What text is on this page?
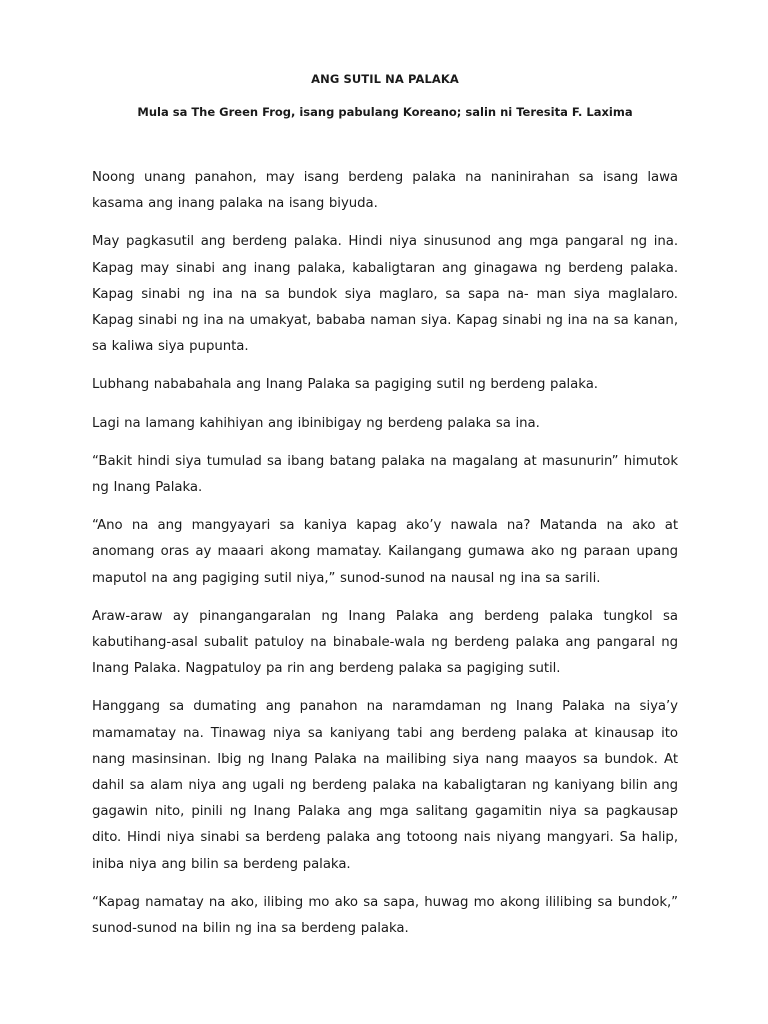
ANG SUTIL NA PALAKA
Mula sa The Green Frog, isang pabulang Koreano; salin ni Teresita F. Laxima

Noong unang panahon, may isang berdeng palaka na naninirahan sa isang lawa kasama ang inang palaka na isang biyuda.

May pagkasutil ang berdeng palaka. Hindi niya sinusunod ang mga pangaral ng ina. Kapag may sinabi ang inang palaka, kabaligtaran ang ginagawa ng berdeng palaka. Kapag sinabi ng ina na sa bundok siya maglaro, sa sapa na- man siya maglalaro. Kapag sinabi ng ina na umakyat, bababa naman siya. Kapag sinabi ng ina na sa kanan, sa kaliwa siya pupunta.

Lubhang nababahala ang Inang Palaka sa pagiging sutil ng berdeng palaka.

Lagi na lamang kahihiyan ang ibinibigay ng berdeng palaka sa ina.

“Bakit hindi siya tumulad sa ibang batang palaka na magalang at masunurin” himutok ng Inang Palaka.

“Ano na ang mangyayari sa kaniya kapag ako’y nawala na? Matanda na ako at anomang oras ay maaari akong mamatay. Kailangang gumawa ako ng paraan upang maputol na ang pagiging sutil niya,” sunod-sunod na nausal ng ina sa sarili.

Araw-araw ay pinangangaralan ng Inang Palaka ang berdeng palaka tungkol sa kabutihang-asal subalit patuloy na binabale-wala ng berdeng palaka ang pangaral ng Inang Palaka. Nagpatuloy pa rin ang berdeng palaka sa pagiging sutil.

Hanggang sa dumating ang panahon na naramdaman ng Inang Palaka na siya’y mamamatay na. Tinawag niya sa kaniyang tabi ang berdeng palaka at kinausap ito nang masinsinan. Ibig ng Inang Palaka na mailibing siya nang maayos sa bundok. At dahil sa alam niya ang ugali ng berdeng palaka na kabaligtaran ng kaniyang bilin ang gagawin nito, pinili ng Inang Palaka ang mga salitang gagamitin niya sa pagkausap dito. Hindi niya sinabi sa berdeng palaka ang totoong nais niyang mangyari. Sa halip, iniba niya ang bilin sa berdeng palaka.

“Kapag namatay na ako, ilibing mo ako sa sapa, huwag mo akong ililibing sa bundok,” sunod-sunod na bilin ng ina sa berdeng palaka.
